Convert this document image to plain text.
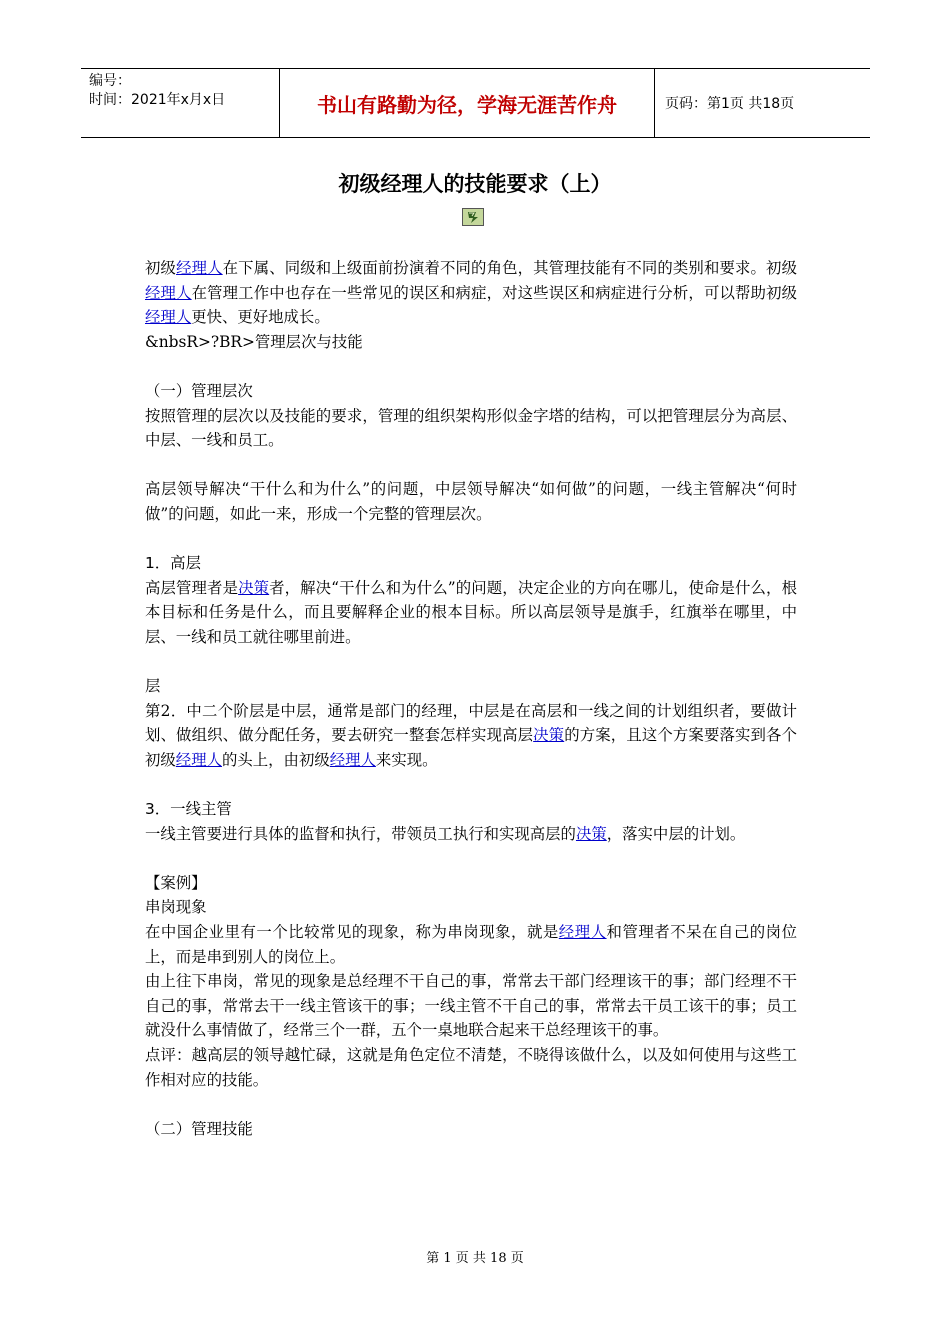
编号：
时间：2021年x月x日	书山有路勤为径，学海无涯苦作舟	页码：第1页 共18页
初级经理人的技能要求（上）

初级经理人在下属、同级和上级面前扮演着不同的角色，其管理技能有不同的类别和要求。初级经理人在管理工作中也存在一些常见的误区和病症，对这些误区和病症进行分析，可以帮助初级经理人更快、更好地成长。

&nbsR>?BR>管理层次与技能

（一）管理层次

按照管理的层次以及技能的要求，管理的组织架构形似金字塔的结构，可以把管理层分为高层、中层、一线和员工。

高层领导解决“干什么和为什么”的问题，中层领导解决“如何做”的问题，一线主管解决“何时做”的问题，如此一来，形成一个完整的管理层次。

1．高层

高层管理者是决策者，解决“干什么和为什么”的问题，决定企业的方向在哪儿，使命是什么，根本目标和任务是什么，而且要解释企业的根本目标。所以高层领导是旗手，红旗举在哪里，中层、一线和员工就往哪里前进。

层

第2．中二个阶层是中层，通常是部门的经理，中层是在高层和一线之间的计划组织者，要做计划、做组织、做分配任务，要去研究一整套怎样实现高层决策的方案，且这个方案要落实到各个初级经理人的头上，由初级经理人来实现。

3．一线主管

一线主管要进行具体的监督和执行，带领员工执行和实现高层的决策，落实中层的计划。

【案例】

串岗现象

在中国企业里有一个比较常见的现象，称为串岗现象，就是经理人和管理者不呆在自己的岗位上，而是串到别人的岗位上。

由上往下串岗，常见的现象是总经理不干自己的事，常常去干部门经理该干的事；部门经理不干自己的事，常常去干一线主管该干的事；一线主管不干自己的事，常常去干员工该干的事；员工就没什么事情做了，经常三个一群，五个一桌地联合起来干总经理该干的事。

点评：越高层的领导越忙碌，这就是角色定位不清楚，不晓得该做什么，以及如何使用与这些工作相对应的技能。

（二）管理技能

第 1 页 共 18 页
